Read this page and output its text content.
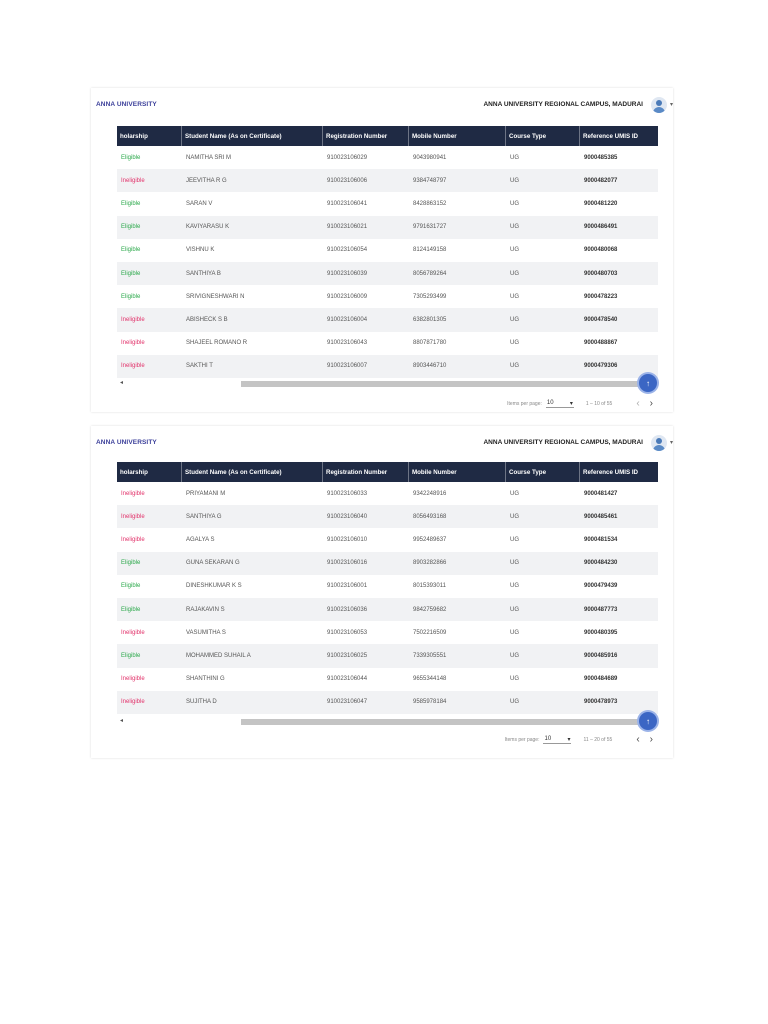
ANNA UNIVERSITY	ANNA UNIVERSITY REGIONAL CAMPUS, MADURAI	▾
holarship	Student Name (As on Certificate)	Registration Number	Mobile Number	Course Type	Reference UMIS ID
Eligible	NAMITHA SRI M	910023106029	9043980941	UG	9000485385
Ineligible	JEEVITHA R G	910023106006	9384748797	UG	9000482077
Eligible	SARAN V	910023106041	8428863152	UG	9000481220
Eligible	KAVIYARASU K	910023106021	9791631727	UG	9000486491
Eligible	VISHNU K	910023106054	8124149158	UG	9000480068
Eligible	SANTHIYA B	910023106039	8056789264	UG	9000480703
Eligible	SRIVIGNESHWARI N	910023106009	7305293499	UG	9000478223
Ineligible	ABISHECK S B	910023106004	6382801305	UG	9000478540
Ineligible	SHAJEEL ROMANO R	910023106043	8807871780	UG	9000488867
Ineligible	SAKTHI T	910023106007	8903446710	UG	9000479306
◂	↑
Items per page: 10	▾	1 – 10 of 55 ‹ ›
ANNA UNIVERSITY	ANNA UNIVERSITY REGIONAL CAMPUS, MADURAI	▾
holarship	Student Name (As on Certificate)	Registration Number	Mobile Number	Course Type	Reference UMIS ID
Ineligible	PRIYAMANI M	910023106033	9342248916	UG	9000481427
Ineligible	SANTHIYA G	910023106040	8056493168	UG	9000485461
Ineligible	AGALYA S	910023106010	9952489637	UG	9000481534
Eligible	GUNA SEKARAN G	910023106016	8903282866	UG	9000484230
Eligible	DINESHKUMAR K S	910023106001	8015393011	UG	9000479439
Eligible	RAJAKAVIN S	910023106036	9842759682	UG	9000487773
Ineligible	VASUMITHA S	910023106053	7502216509	UG	9000480395
Eligible	MOHAMMED SUHAIL A	910023106025	7339305551	UG	9000485916
Ineligible	SHANTHINI G	910023106044	9655344148	UG	9000484689
Ineligible	SUJITHA D	910023106047	9585978184	UG	9000478973
◂	↑
Items per page: 10	▾	11 – 20 of 55 ‹ ›
